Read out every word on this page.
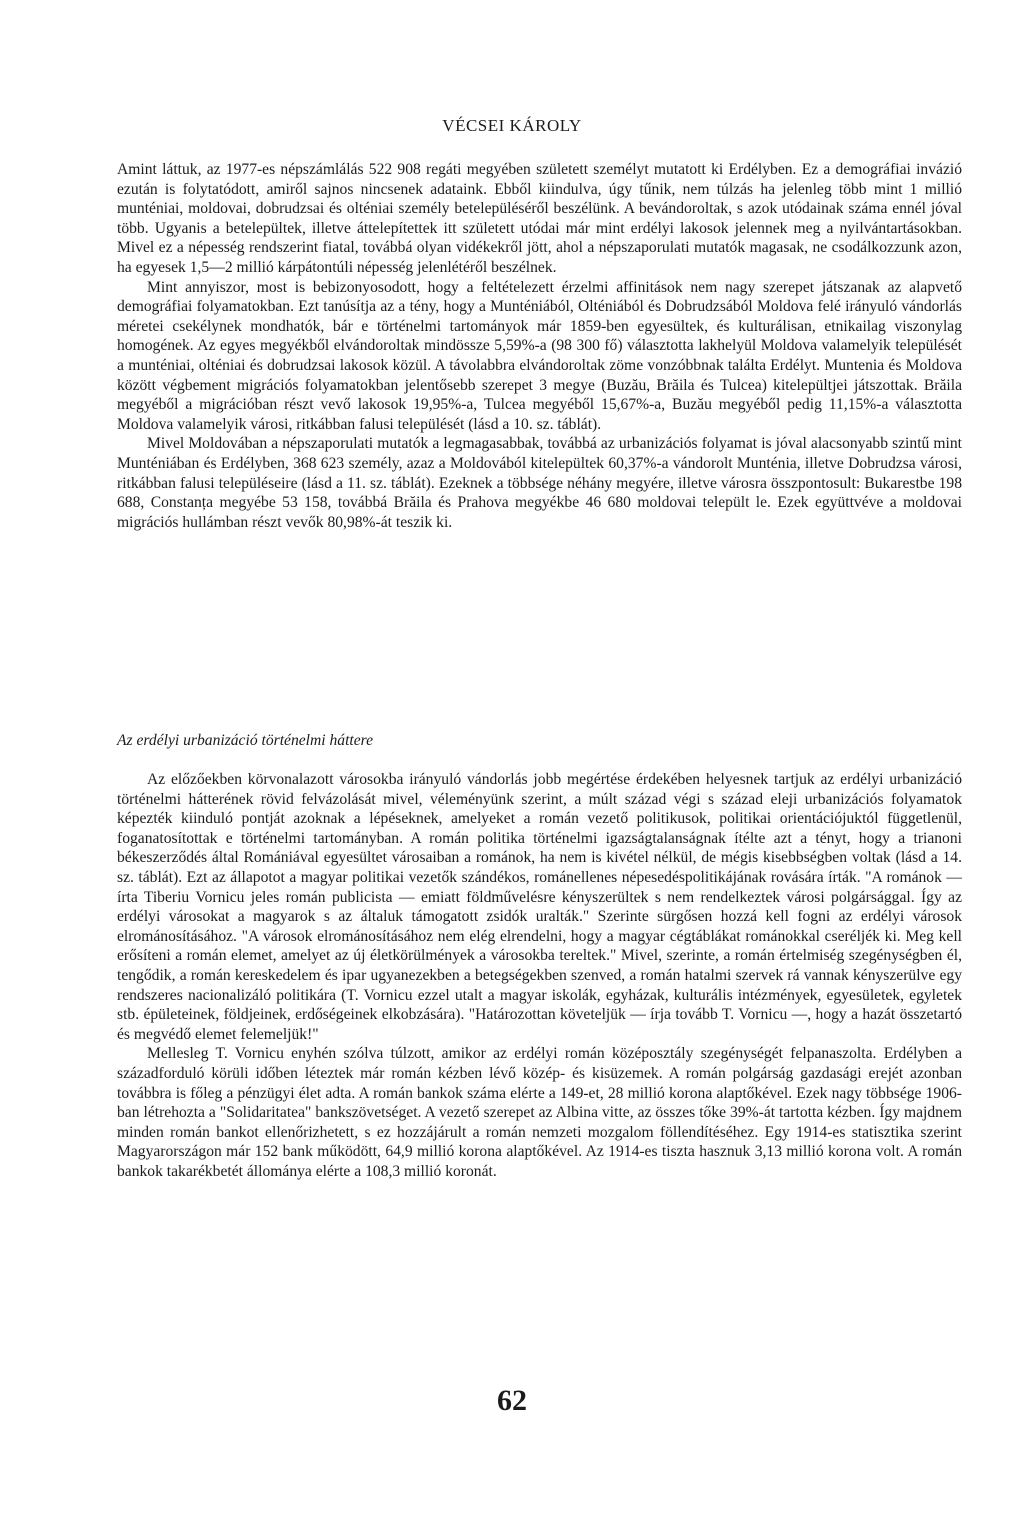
VÉCSEI KÁROLY

Amint láttuk, az 1977-es népszámlálás 522 908 regáti megyében született személyt mutatott ki Erdélyben. Ez a demográfiai invázió ezután is folytatódott, amiről sajnos nincsenek adataink. Ebből kiindulva, úgy tűnik, nem túlzás ha jelenleg több mint 1 millió munténiai, moldovai, dobrudzsai és olténiai személy betelepüléséről beszélünk. A bevándoroltak, s azok utódainak száma ennél jóval több. Ugyanis a betelepültek, illetve áttelepítettek itt született utódai már mint erdélyi lakosok jelennek meg a nyilvántartásokban. Mivel ez a népesség rendszerint fiatal, továbbá olyan vidékekről jött, ahol a népszaporulati mutatók magasak, ne csodálkozzunk azon, ha egyesek 1,5—2 millió kárpátontúli népesség jelenlétéről beszélnek.

Mint annyiszor, most is bebizonyosodott, hogy a feltételezett érzelmi affinitások nem nagy szerepet játszanak az alapvető demográfiai folyamatokban. Ezt tanúsítja az a tény, hogy a Munténiából, Olténiából és Dobrudzsából Moldova felé irányuló vándorlás méretei csekélynek mondhatók, bár e történelmi tartományok már 1859-ben egyesültek, és kulturálisan, etnikailag viszonylag homogének. Az egyes megyékből elvándoroltak mindössze 5,59%-a (98 300 fő) választotta lakhelyül Moldova valamelyik települését a munténiai, olténiai és dobrudzsai lakosok közül. A távolabbra elvándoroltak zöme vonzóbbnak találta Erdélyt. Muntenia és Moldova között végbement migrációs folyamatokban jelentősebb szerepet 3 megye (Buzău, Brăila és Tulcea) kitelepültjei játszottak. Brăila megyéből a migrációban részt vevő lakosok 19,95%-a, Tulcea megyéből 15,67%-a, Buzău megyéből pedig 11,15%-a választotta Moldova valamelyik városi, ritkábban falusi települését (lásd a 10. sz. táblát).

Mivel Moldovában a népszaporulati mutatók a legmagasabbak, továbbá az urbanizációs folyamat is jóval alacsonyabb szintű mint Munténiában és Erdélyben, 368 623 személy, azaz a Moldovából kitelepültek 60,37%-a vándorolt Munténia, illetve Dobrudzsa városi, ritkábban falusi településeire (lásd a 11. sz. táblát). Ezeknek a többsége néhány megyére, illetve városra összpontosult: Bukarestbe 198 688, Constanța megyébe 53 158, továbbá Brăila és Prahova megyékbe 46 680 moldovai települt le. Ezek együttvéve a moldovai migrációs hullámban részt vevők 80,98%-át teszik ki.

Az erdélyi urbanizáció történelmi háttere

Az előzőekben körvonalazott városokba irányuló vándorlás jobb megértése érdekében helyesnek tartjuk az erdélyi urbanizáció történelmi hátterének rövid felvázolását mivel, véleményünk szerint, a múlt század végi s század eleji urbanizációs folyamatok képezték kiinduló pontját azoknak a lépéseknek, amelyeket a román vezető politikusok, politikai orientációjuktól függetlenül, foganatosítottak e történelmi tartományban. A román politika történelmi igazságtalanságnak ítélte azt a tényt, hogy a trianoni békeszerződés által Romániával egyesültet városaiban a románok, ha nem is kivétel nélkül, de mégis kisebbségben voltak (lásd a 14. sz. táblát). Ezt az állapotot a magyar politikai vezetők szándékos, románellenes népesedéspolitikájának rovására írták. "A románok — írta Tiberiu Vornicu jeles román publicista — emiatt földművelésre kényszerültek s nem rendelkeztek városi polgársággal. Így az erdélyi városokat a magyarok s az általuk támogatott zsidók uralták." Szerinte sürgősen hozzá kell fogni az erdélyi városok elrománosításához. "A városok elrománosításához nem elég elrendelni, hogy a magyar cégtáblákat románokkal cseréljék ki. Meg kell erősíteni a román elemet, amelyet az új életkörülmények a városokba tereltek." Mivel, szerinte, a román értelmiség szegénységben él, tengődik, a román kereskedelem és ipar ugyanezekben a betegségekben szenved, a román hatalmi szervek rá vannak kényszerülve egy rendszeres nacionalizáló politikára (T. Vornicu ezzel utalt a magyar iskolák, egyházak, kulturális intézmények, egyesületek, egyletek stb. épületeinek, földjeinek, erdőségeinek elkobzására). "Határozottan követeljük — írja tovább T. Vornicu —, hogy a hazát összetartó és megvédő elemet felemeljük!"

Mellesleg T. Vornicu enyhén szólva túlzott, amikor az erdélyi román középosztály szegénységét felpanaszolta. Erdélyben a századforduló körüli időben léteztek már román kézben lévő közép- és kisüzemek. A román polgárság gazdasági erejét azonban továbbra is főleg a pénzügyi élet adta. A román bankok száma elérte a 149-et, 28 millió korona alaptőkével. Ezek nagy többsége 1906-ban létrehozta a "Solidaritatea" bankszövetséget. A vezető szerepet az Albina vitte, az összes tőke 39%-át tartotta kézben. Így majdnem minden román bankot ellenőrizhetett, s ez hozzájárult a román nemzeti mozgalom föllendítéséhez. Egy 1914-es statisztika szerint Magyarországon már 152 bank működött, 64,9 millió korona alaptőkével. Az 1914-es tiszta hasznuk 3,13 millió korona volt. A román bankok takarékbetét állománya elérte a 108,3 millió koronát.

62
